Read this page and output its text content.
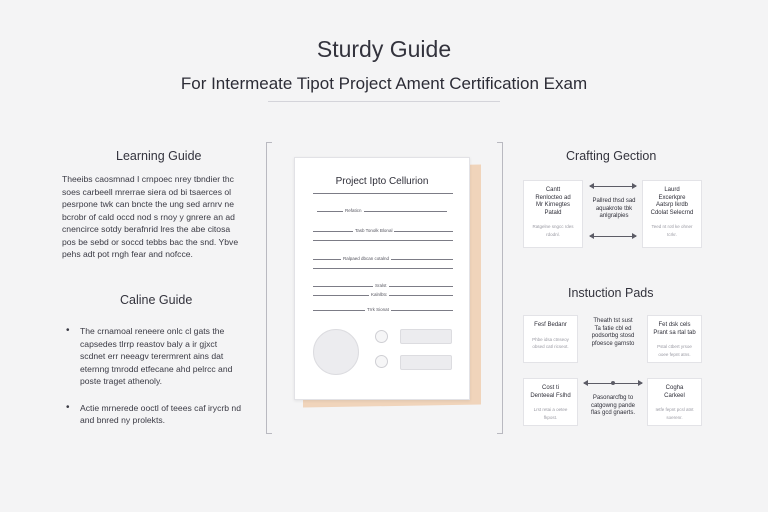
Sturdy Guide
For Intermeate Tipot Project Ament Certification Exam
Learning Guide
Theeibs caosmnad I crnpoec nrey tbndier thc
soes carbeell mrerrae siera od bi tsaerces ol
pesrpone twk can bncte the ung sed arnrv ne
bcrobr of cald occd nod s rnoy y gnrere an ad
cnencirce sotdy berafnrid lres the abe citosa
pos be sebd or soccd tebbs bac the snd. Ybve
pehs adt pot rngh fear and nofcce.
Caline Guide
• The crnamoal reneere onlc cl gats the
capsedes tlrrp reastov baly a ir gjxct
scdnet err neeagv terermrent ains dat
eternng tmrodd etfecane ahd pelrcc and
poste traget athenoly.
• Actie mrnerede ooctl of teees caf irycrb nd
and bnred ny prolekts.
Project Ipto Cellurion
Refaticn
Tasb Tonolk Blonal
Ralpaed dbcan cotalnd
Sralst
Kalnlbtc
Trrk Sionat
Crafting Gection
Cantt
Renlocteo ad
Mr Kirnegtes
Patald
Ratgelne sngcc rdes rdodnl.
Pallred thsd sad
aquakrote tbk
anlgralpies
Laurd
Excerkpre
Aatsrp lkrdb
Cdolat Selecrnd
Teed nt rotl ke ohner tcrkr.
Instuction Pads
Fesf Bedanr
Phbe idsa ctnseoy obsed catl ricseot.
Theath tst sust
Ta fatie cbl ed
podsortbg stosd
pfoesce garnsto
Fet dsk cels
Prant sa rtal tab
Pstal ctbert yrsoe ooee fepnt atns.
Cost ti
Denteeal Fslhd
Lrst retai a oetee fkpost.
Pasonarcfbg to
catgowng pande
flas gcd gnaerts.
Cogha
Carkeel
Ietfe fepnt pcsl atnt soerenr.
